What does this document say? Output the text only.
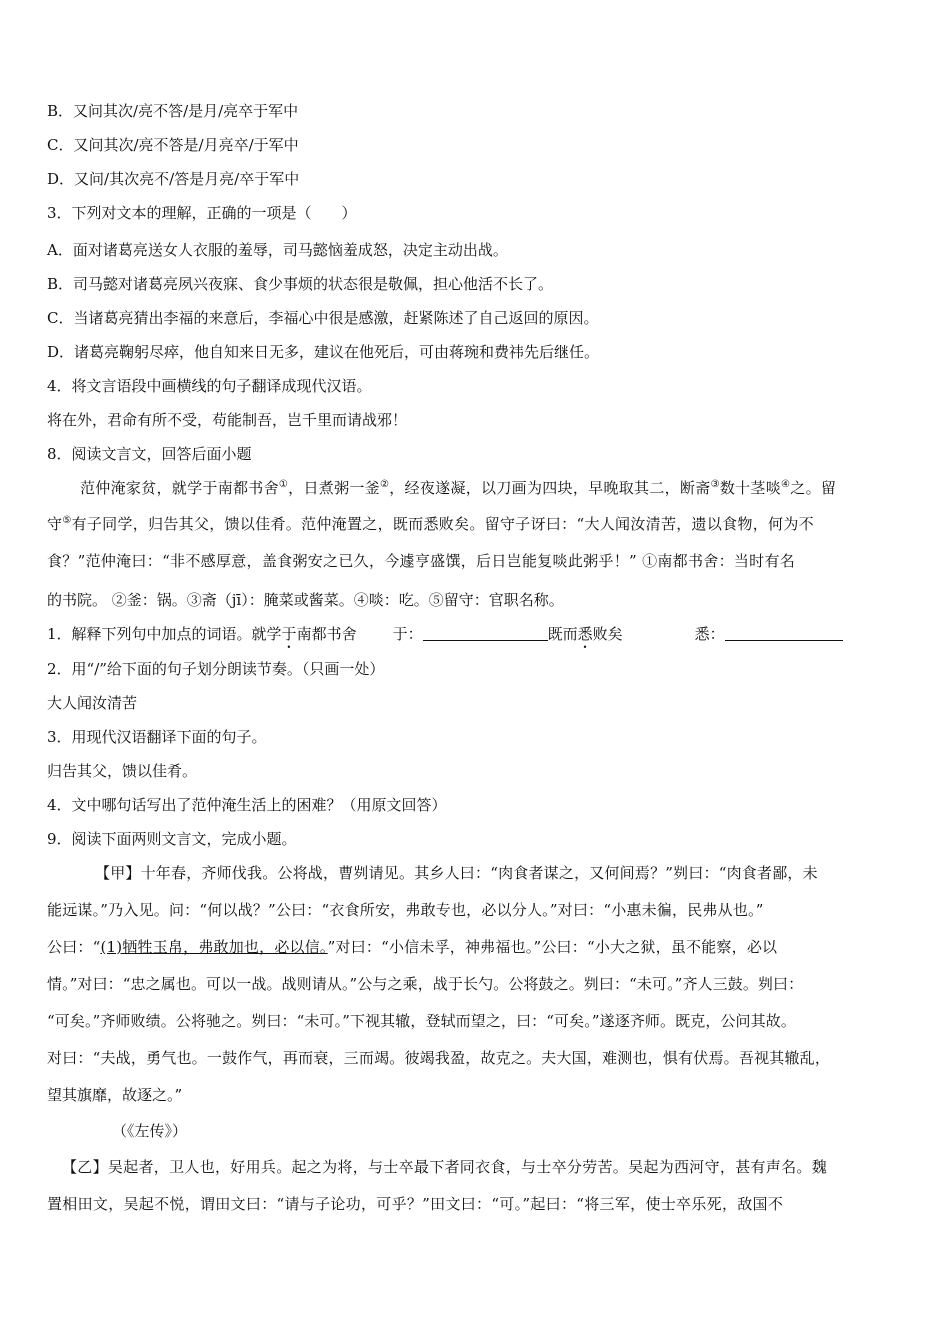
B．又问其次/亮不答/是月/亮卒于军中
C．又问其次/亮不答是/月亮卒/于军中
D．又问/其次亮不/答是月亮/卒于军中
3．下列对文本的理解，正确的一项是（　　）
A．面对诸葛亮送女人衣服的羞辱，司马懿恼羞成怒，决定主动出战。
B．司马懿对诸葛亮夙兴夜寐、食少事烦的状态很是敬佩，担心他活不长了。
C．当诸葛亮猜出李福的来意后，李福心中很是感激，赶紧陈述了自己返回的原因。
D．诸葛亮鞠躬尽瘁，他自知来日无多，建议在他死后，可由蒋琬和费祎先后继任。
4．将文言语段中画横线的句子翻译成现代汉语。
将在外，君命有所不受，苟能制吾，岂千里而请战邪！
8．阅读文言文，回答后面小题
范仲淹家贫，就学于南都书舍①，日煮粥一釜②，经夜遂凝，以刀画为四块，早晚取其二，断斋③数十茎啖④之。留
守⑤有子同学，归告其父，馈以佳肴。范仲淹置之，既而悉败矣。留守子讶曰：“大人闻汝清苦，遗以食物，何为不
食？”范仲淹曰：“非不感厚意，盖食粥安之已久，今遽亨盛馔，后日岂能复啖此粥乎！” ①南都书舍：当时有名
的书院。 ②釜：锅。③斋（jī）：腌菜或酱菜。④啖：吃。⑤留守：官职名称。
1．解释下列句中加点的词语。就学于南都书舍 于：	既而悉败矣	悉：
2．用“/”给下面的句子划分朗读节奏。（只画一处）
大人闻汝清苦
3．用现代汉语翻译下面的句子。
归告其父，馈以佳肴。
4．文中哪句话写出了范仲淹生活上的困难？（用原文回答）
9．阅读下面两则文言文，完成小题。
【甲】十年春，齐师伐我。公将战，曹刿请见。其乡人曰：“肉食者谋之，又何间焉？”刿曰：“肉食者鄙，未
能远谋。”乃入见。问：“何以战？”公曰：“衣食所安，弗敢专也，必以分人。”对曰：“小惠未徧，民弗从也。”
公曰：“(1)牺牲玉帛，弗敢加也，必以信。”对曰：“小信未孚，神弗福也。”公曰：“小大之狱，虽不能察，必以
情。”对曰：“忠之属也。可以一战。战则请从。”公与之乘，战于长勺。公将鼓之。刿曰：“未可。”齐人三鼓。刿曰：
“可矣。”齐师败绩。公将驰之。刿曰：“未可。”下视其辙，登轼而望之，曰：“可矣。”遂逐齐师。既克，公问其故。
对曰：“夫战，勇气也。一鼓作气，再而衰，三而竭。彼竭我盈，故克之。夫大国，难测也，惧有伏焉。吾视其辙乱，
望其旗靡，故逐之。”
（《左传》）
【乙】吴起者，卫人也，好用兵。起之为将，与士卒最下者同衣食，与士卒分劳苦。吴起为西河守，甚有声名。魏
置相田文，吴起不悦，谓田文曰：“请与子论功，可乎？”田文曰：“可。”起曰：“将三军，使士卒乐死，敌国不
